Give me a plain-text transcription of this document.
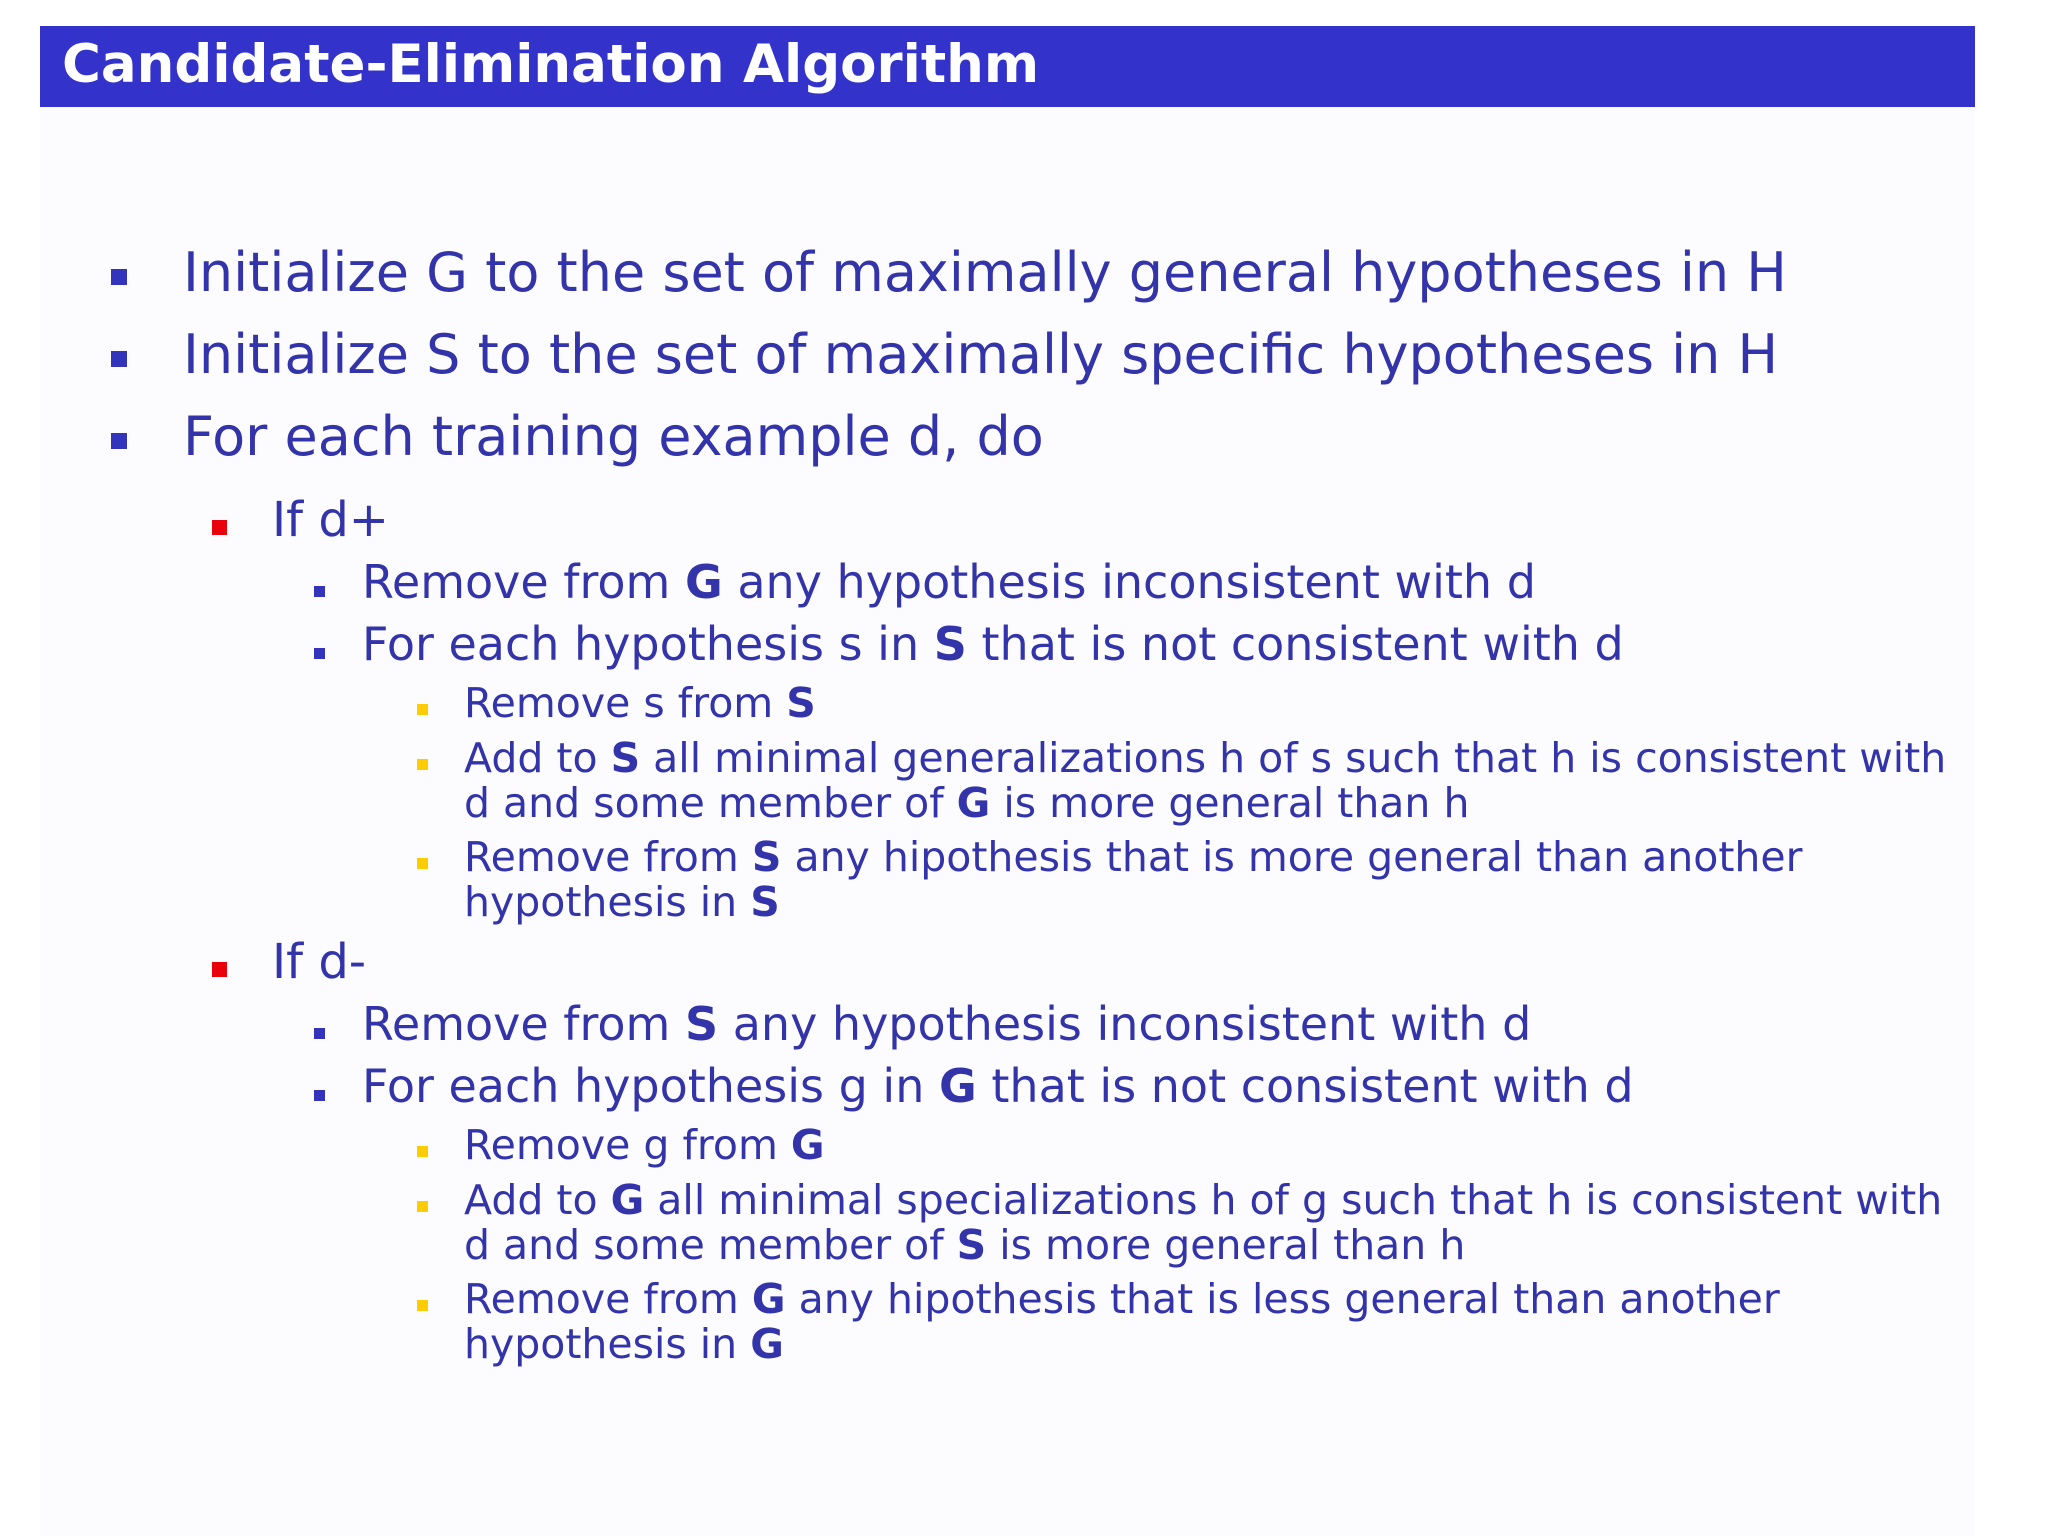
Candidate-Elimination Algorithm
Initialize G to the set of maximally general hypotheses in H
Initialize S to the set of maximally specific hypotheses in H
For each training example d, do
If d+
Remove from G any hypothesis inconsistent with d
For each hypothesis s in S that is not consistent with d
Remove s from S
Add to S all minimal generalizations h of s such that h is consistent with
d and some member of G is more general than h
Remove from S any hipothesis that is more general than another
hypothesis in S
If d-
Remove from S any hypothesis inconsistent with d
For each hypothesis g in G that is not consistent with d
Remove g from G
Add to G all minimal specializations h of g such that h is consistent with
d and some member of S is more general than h
Remove from G any hipothesis that is less general than another
hypothesis in G
